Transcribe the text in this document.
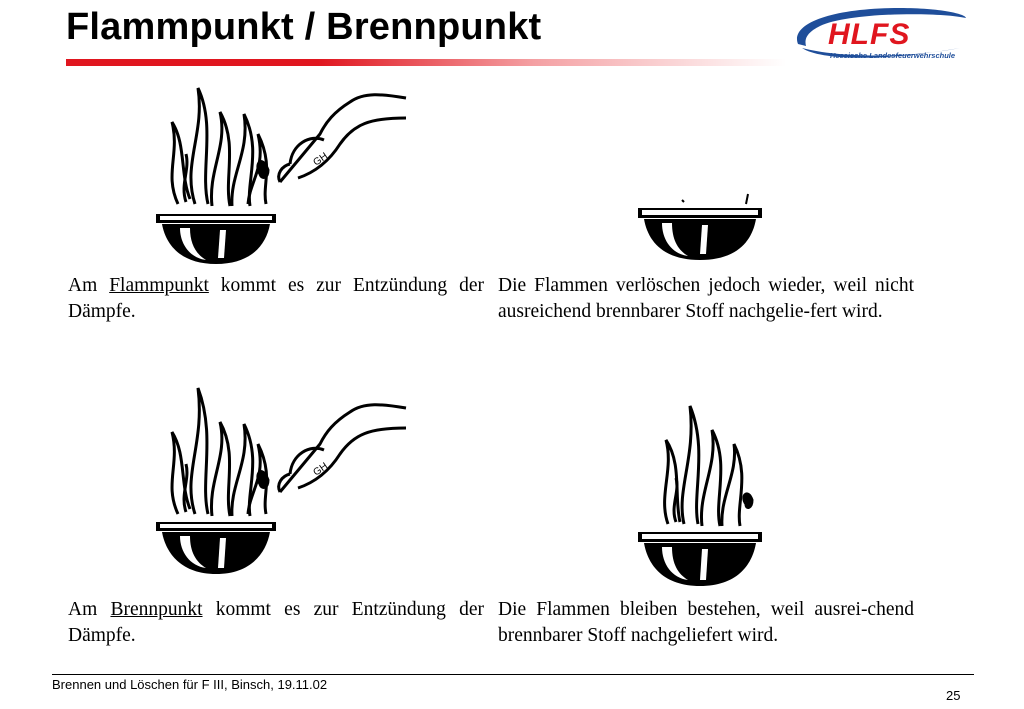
Flammpunkt / Brennpunkt	HLFS
Hessische Landesfeuerwehrschule
GH
GH
Am Flammpunkt kommt es zur Entzündung der Dämpfe.
Die Flammen verlöschen jedoch wieder, weil nicht ausreichend brennbarer Stoff nachgelie-fert wird.
Am Brennpunkt kommt es zur Entzündung der Dämpfe.
Die Flammen bleiben bestehen, weil ausrei-chend brennbarer Stoff nachgeliefert wird.
Brennen und Löschen für F III, Binsch, 19.11.02
25
